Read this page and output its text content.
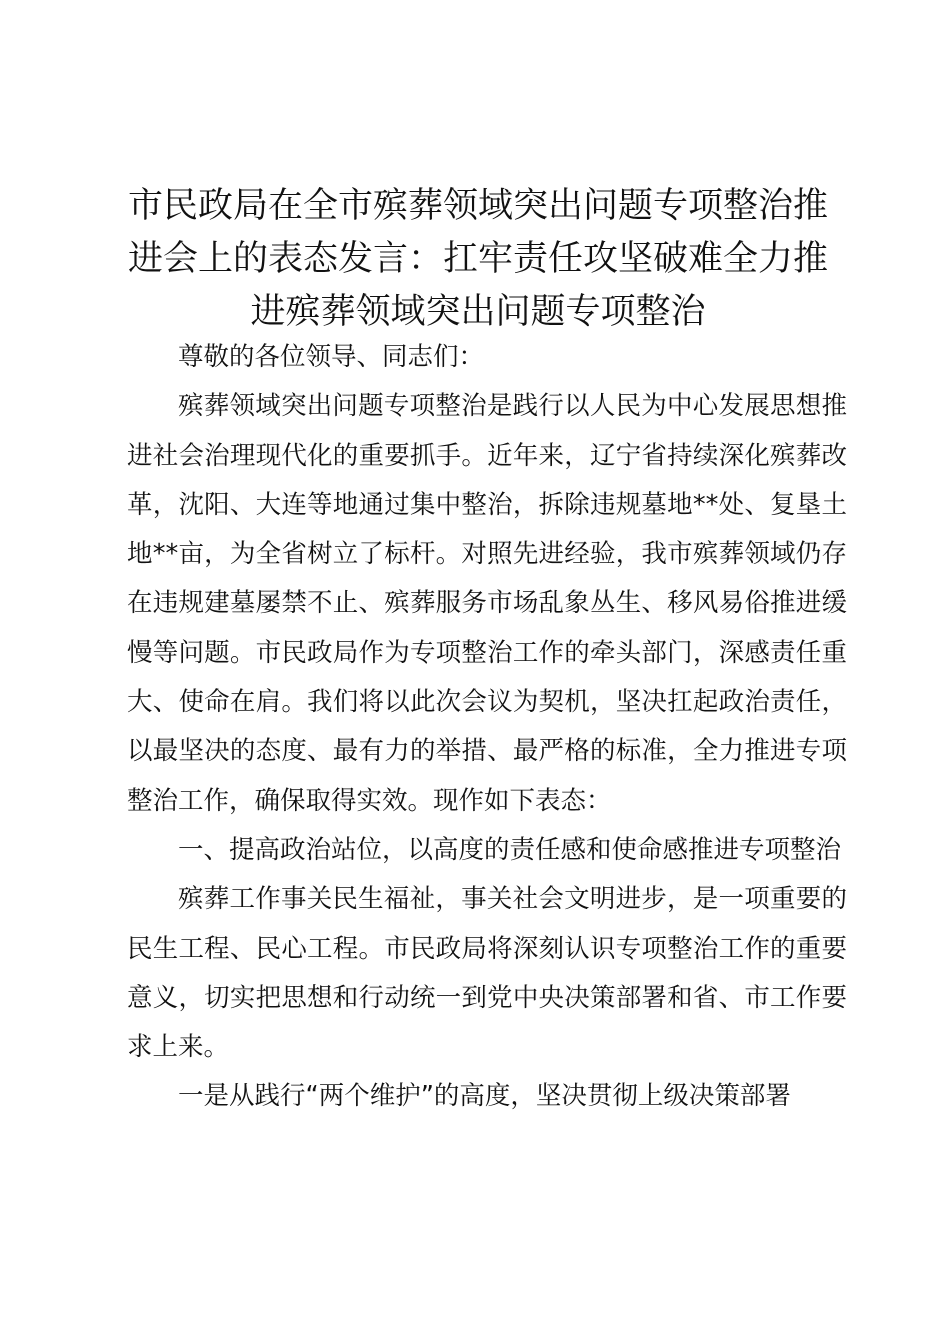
市民政局在全市殡葬领域突出问题专项整治推进会上的表态发言：扛牢责任攻坚破难全力推进殡葬领域突出问题专项整治

尊敬的各位领导、同志们：

殡葬领域突出问题专项整治是践行以人民为中心发展思想推进社会治理现代化的重要抓手。近年来，辽宁省持续深化殡葬改革，沈阳、大连等地通过集中整治，拆除违规墓地**处、复垦土地**亩，为全省树立了标杆。对照先进经验，我市殡葬领域仍存在违规建墓屡禁不止、殡葬服务市场乱象丛生、移风易俗推进缓慢等问题。市民政局作为专项整治工作的牵头部门，深感责任重大、使命在肩。我们将以此次会议为契机，坚决扛起政治责任，以最坚决的态度、最有力的举措、最严格的标准，全力推进专项整治工作，确保取得实效。现作如下表态：

一、提高政治站位，以高度的责任感和使命感推进专项整治

殡葬工作事关民生福祉，事关社会文明进步，是一项重要的民生工程、民心工程。市民政局将深刻认识专项整治工作的重要意义，切实把思想和行动统一到党中央决策部署和省、市工作要求上来。

一是从践行“两个维护”的高度，坚决贯彻上级决策部署
